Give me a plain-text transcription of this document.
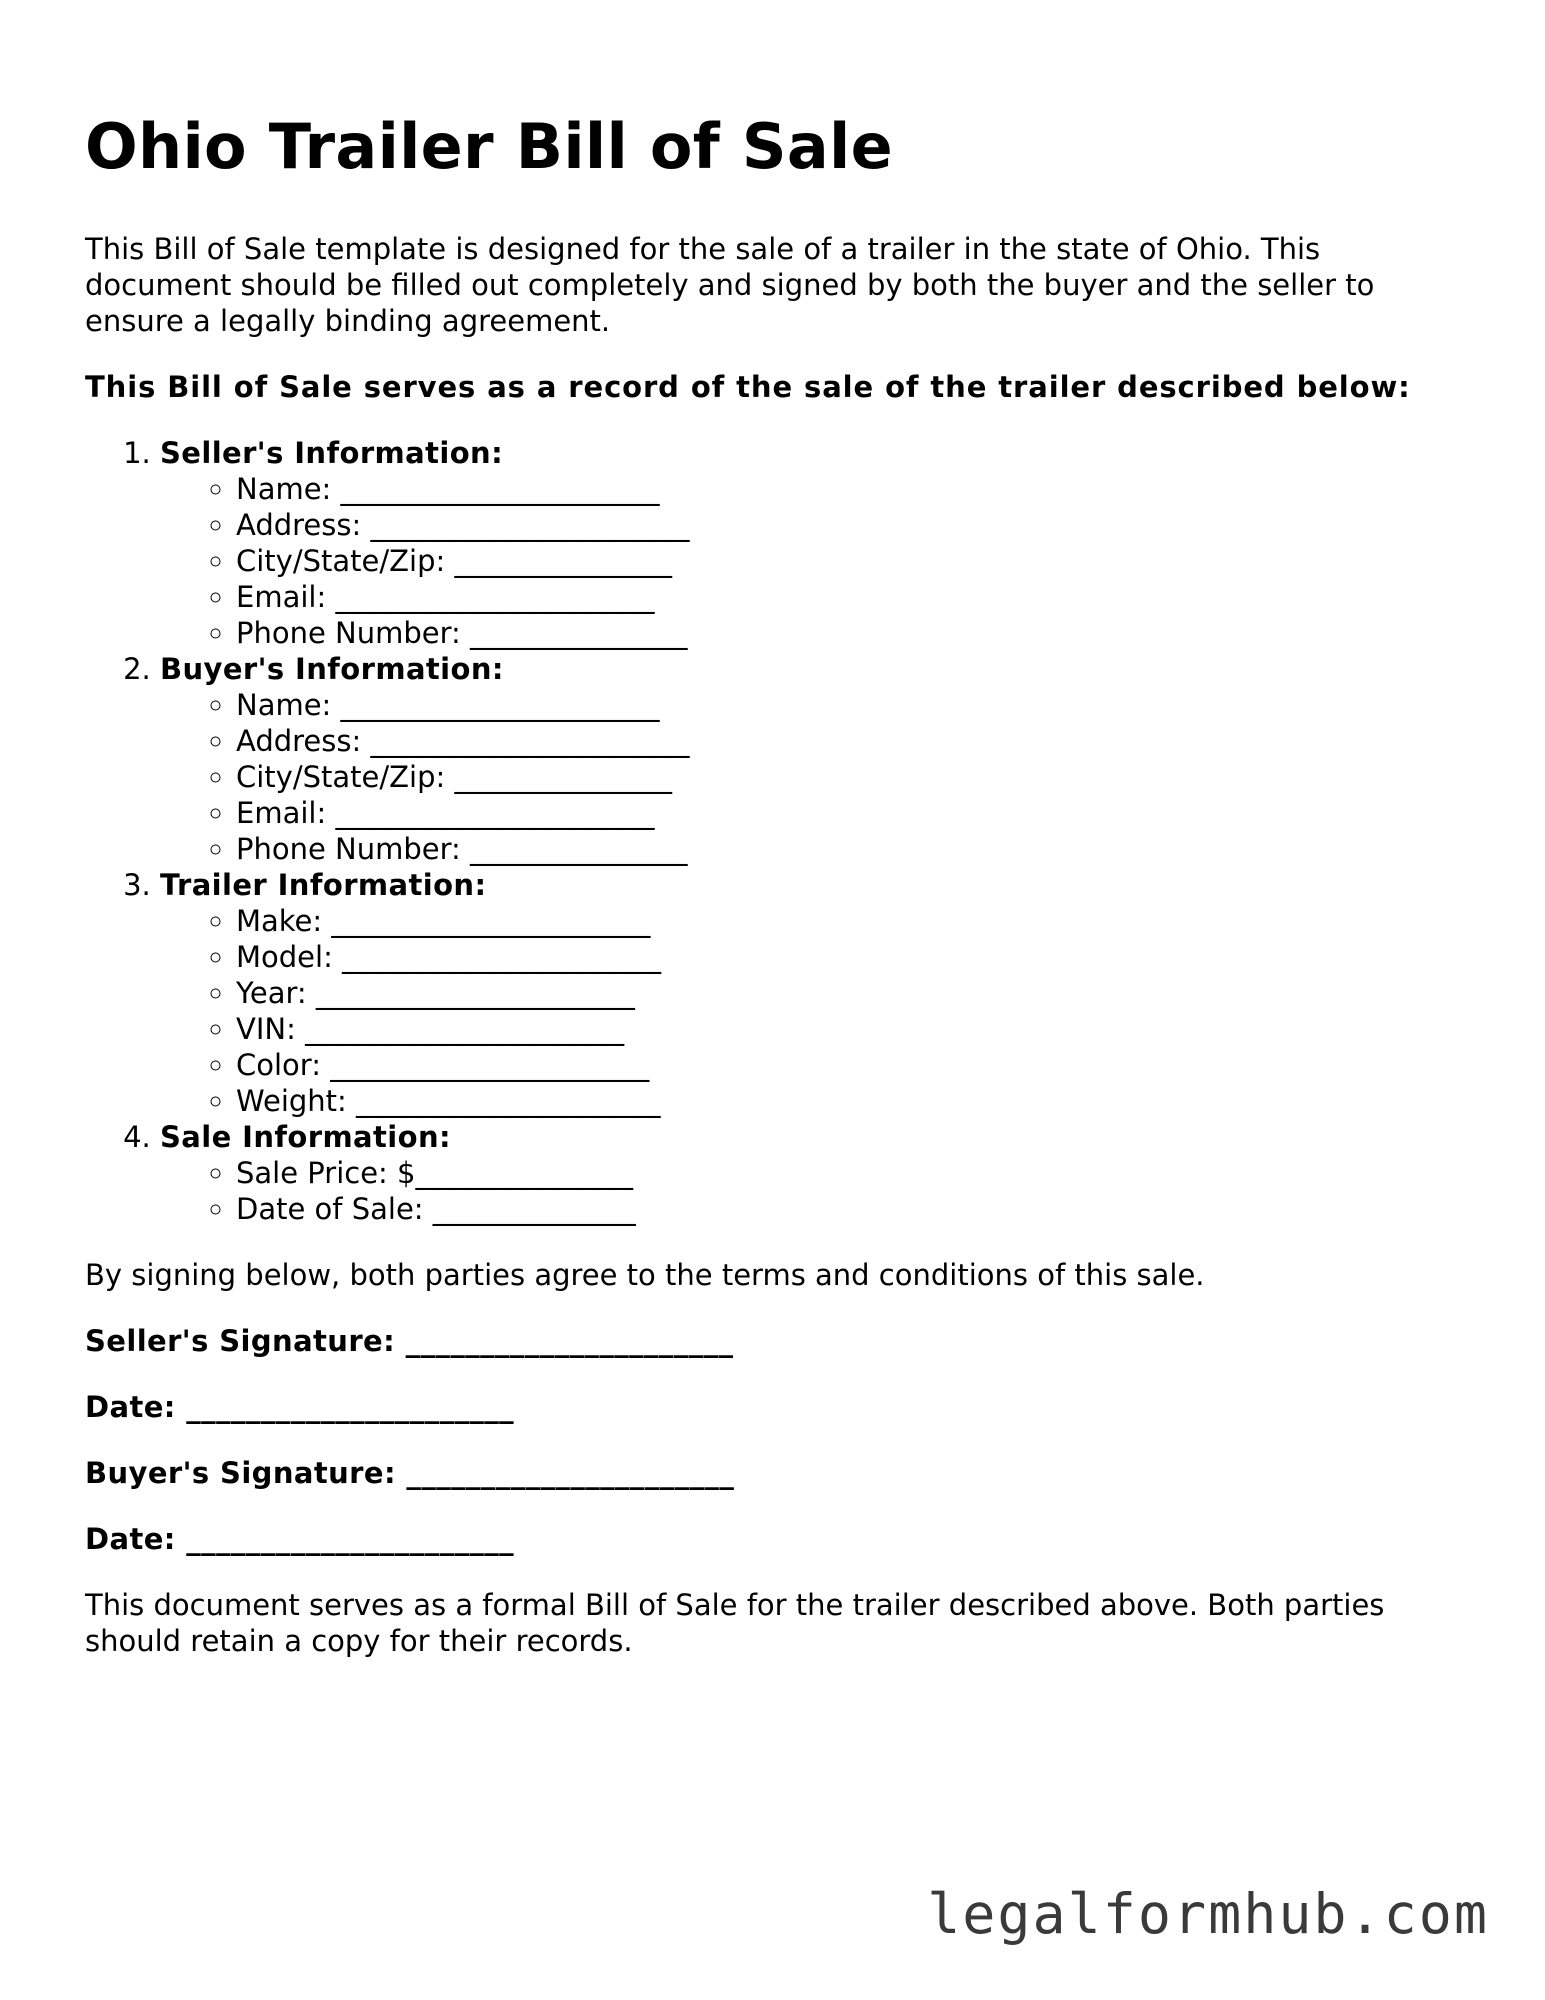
Ohio Trailer Bill of Sale

This Bill of Sale template is designed for the sale of a trailer in the state of Ohio. This document should be filled out completely and signed by both the buyer and the seller to ensure a legally binding agreement.

This Bill of Sale serves as a record of the sale of the trailer described below:

1. Seller's Information:
◦ Name: ______________________
◦ Address: ______________________
◦ City/State/Zip: _______________
◦ Email: ______________________
◦ Phone Number: _______________
2. Buyer's Information:
◦ Name: ______________________
◦ Address: ______________________
◦ City/State/Zip: _______________
◦ Email: ______________________
◦ Phone Number: _______________
3. Trailer Information:
◦ Make: ______________________
◦ Model: ______________________
◦ Year: ______________________
◦ VIN: ______________________
◦ Color: ______________________
◦ Weight: _____________________
4. Sale Information:
◦ Sale Price: $_______________
◦ Date of Sale: ______________

By signing below, both parties agree to the terms and conditions of this sale.

Seller's Signature: ______________________

Date: ______________________

Buyer's Signature: ______________________

Date: ______________________

This document serves as a formal Bill of Sale for the trailer described above. Both parties should retain a copy for their records.

legalformhub.com
